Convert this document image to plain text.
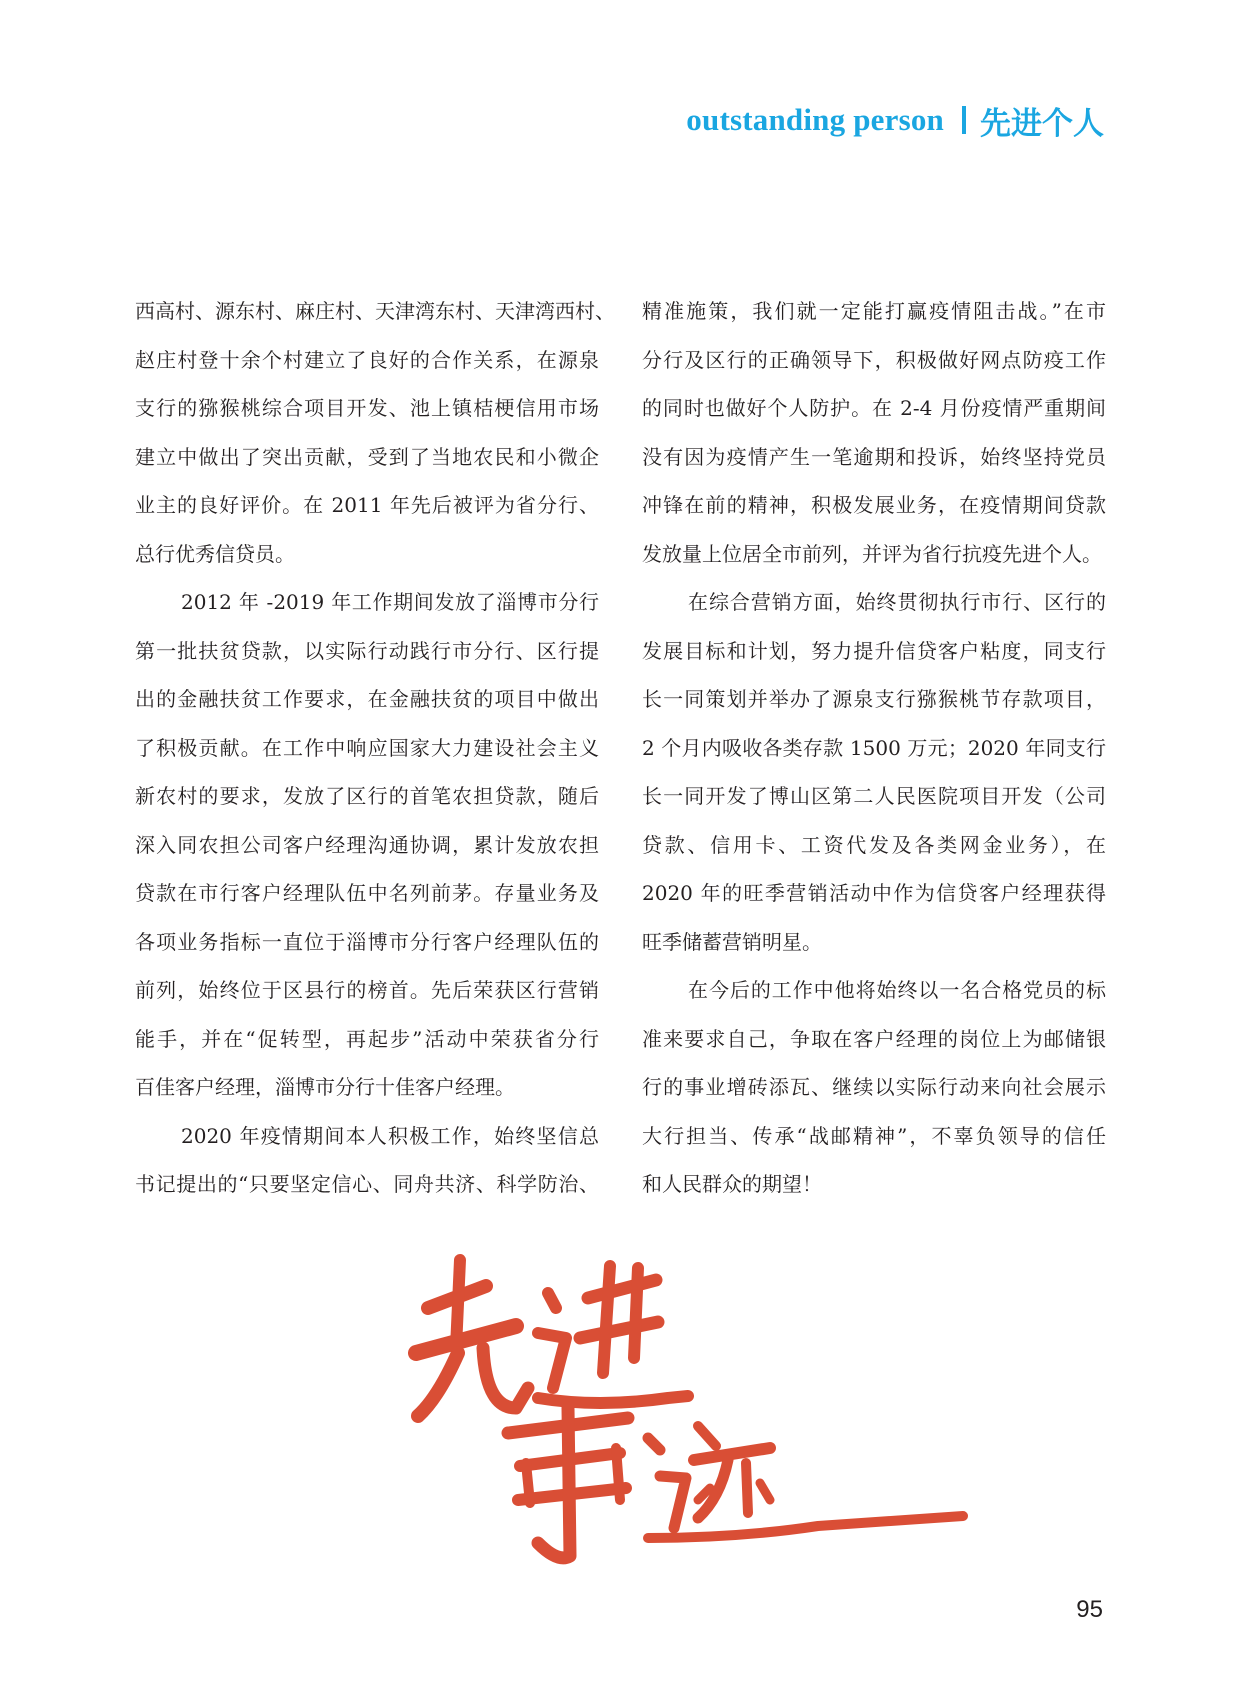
outstanding person 先进个人
西高村、源东村、麻庄村、天津湾东村、天津湾西村、
赵庄村登十余个村建立了良好的合作关系，在源泉
支行的猕猴桃综合项目开发、池上镇桔梗信用市场
建立中做出了突出贡献，受到了当地农民和小微企
业主的良好评价。在 2011 年先后被评为省分行、
总行优秀信贷员。
2012 年 -2019 年工作期间发放了淄博市分行
第一批扶贫贷款，以实际行动践行市分行、区行提
出的金融扶贫工作要求，在金融扶贫的项目中做出
了积极贡献。在工作中响应国家大力建设社会主义
新农村的要求，发放了区行的首笔农担贷款，随后
深入同农担公司客户经理沟通协调，累计发放农担
贷款在市行客户经理队伍中名列前茅。存量业务及
各项业务指标一直位于淄博市分行客户经理队伍的
前列，始终位于区县行的榜首。先后荣获区行营销
能手，并在“促转型，再起步”活动中荣获省分行
百佳客户经理，淄博市分行十佳客户经理。
2020 年疫情期间本人积极工作，始终坚信总
书记提出的“只要坚定信心、同舟共济、科学防治、
精准施策，我们就一定能打赢疫情阻击战。”在市
分行及区行的正确领导下，积极做好网点防疫工作
的同时也做好个人防护。在 2-4 月份疫情严重期间
没有因为疫情产生一笔逾期和投诉，始终坚持党员
冲锋在前的精神，积极发展业务，在疫情期间贷款
发放量上位居全市前列，并评为省行抗疫先进个人。
在综合营销方面，始终贯彻执行市行、区行的
发展目标和计划，努力提升信贷客户粘度，同支行
长一同策划并举办了源泉支行猕猴桃节存款项目，
2 个月内吸收各类存款 1500 万元；2020 年同支行
长一同开发了博山区第二人民医院项目开发（公司
贷款、信用卡、工资代发及各类网金业务），在
2020 年的旺季营销活动中作为信贷客户经理获得
旺季储蓄营销明星。
在今后的工作中他将始终以一名合格党员的标
准来要求自己，争取在客户经理的岗位上为邮储银
行的事业增砖添瓦、继续以实际行动来向社会展示
大行担当、传承“战邮精神”，不辜负领导的信任
和人民群众的期望！
95
